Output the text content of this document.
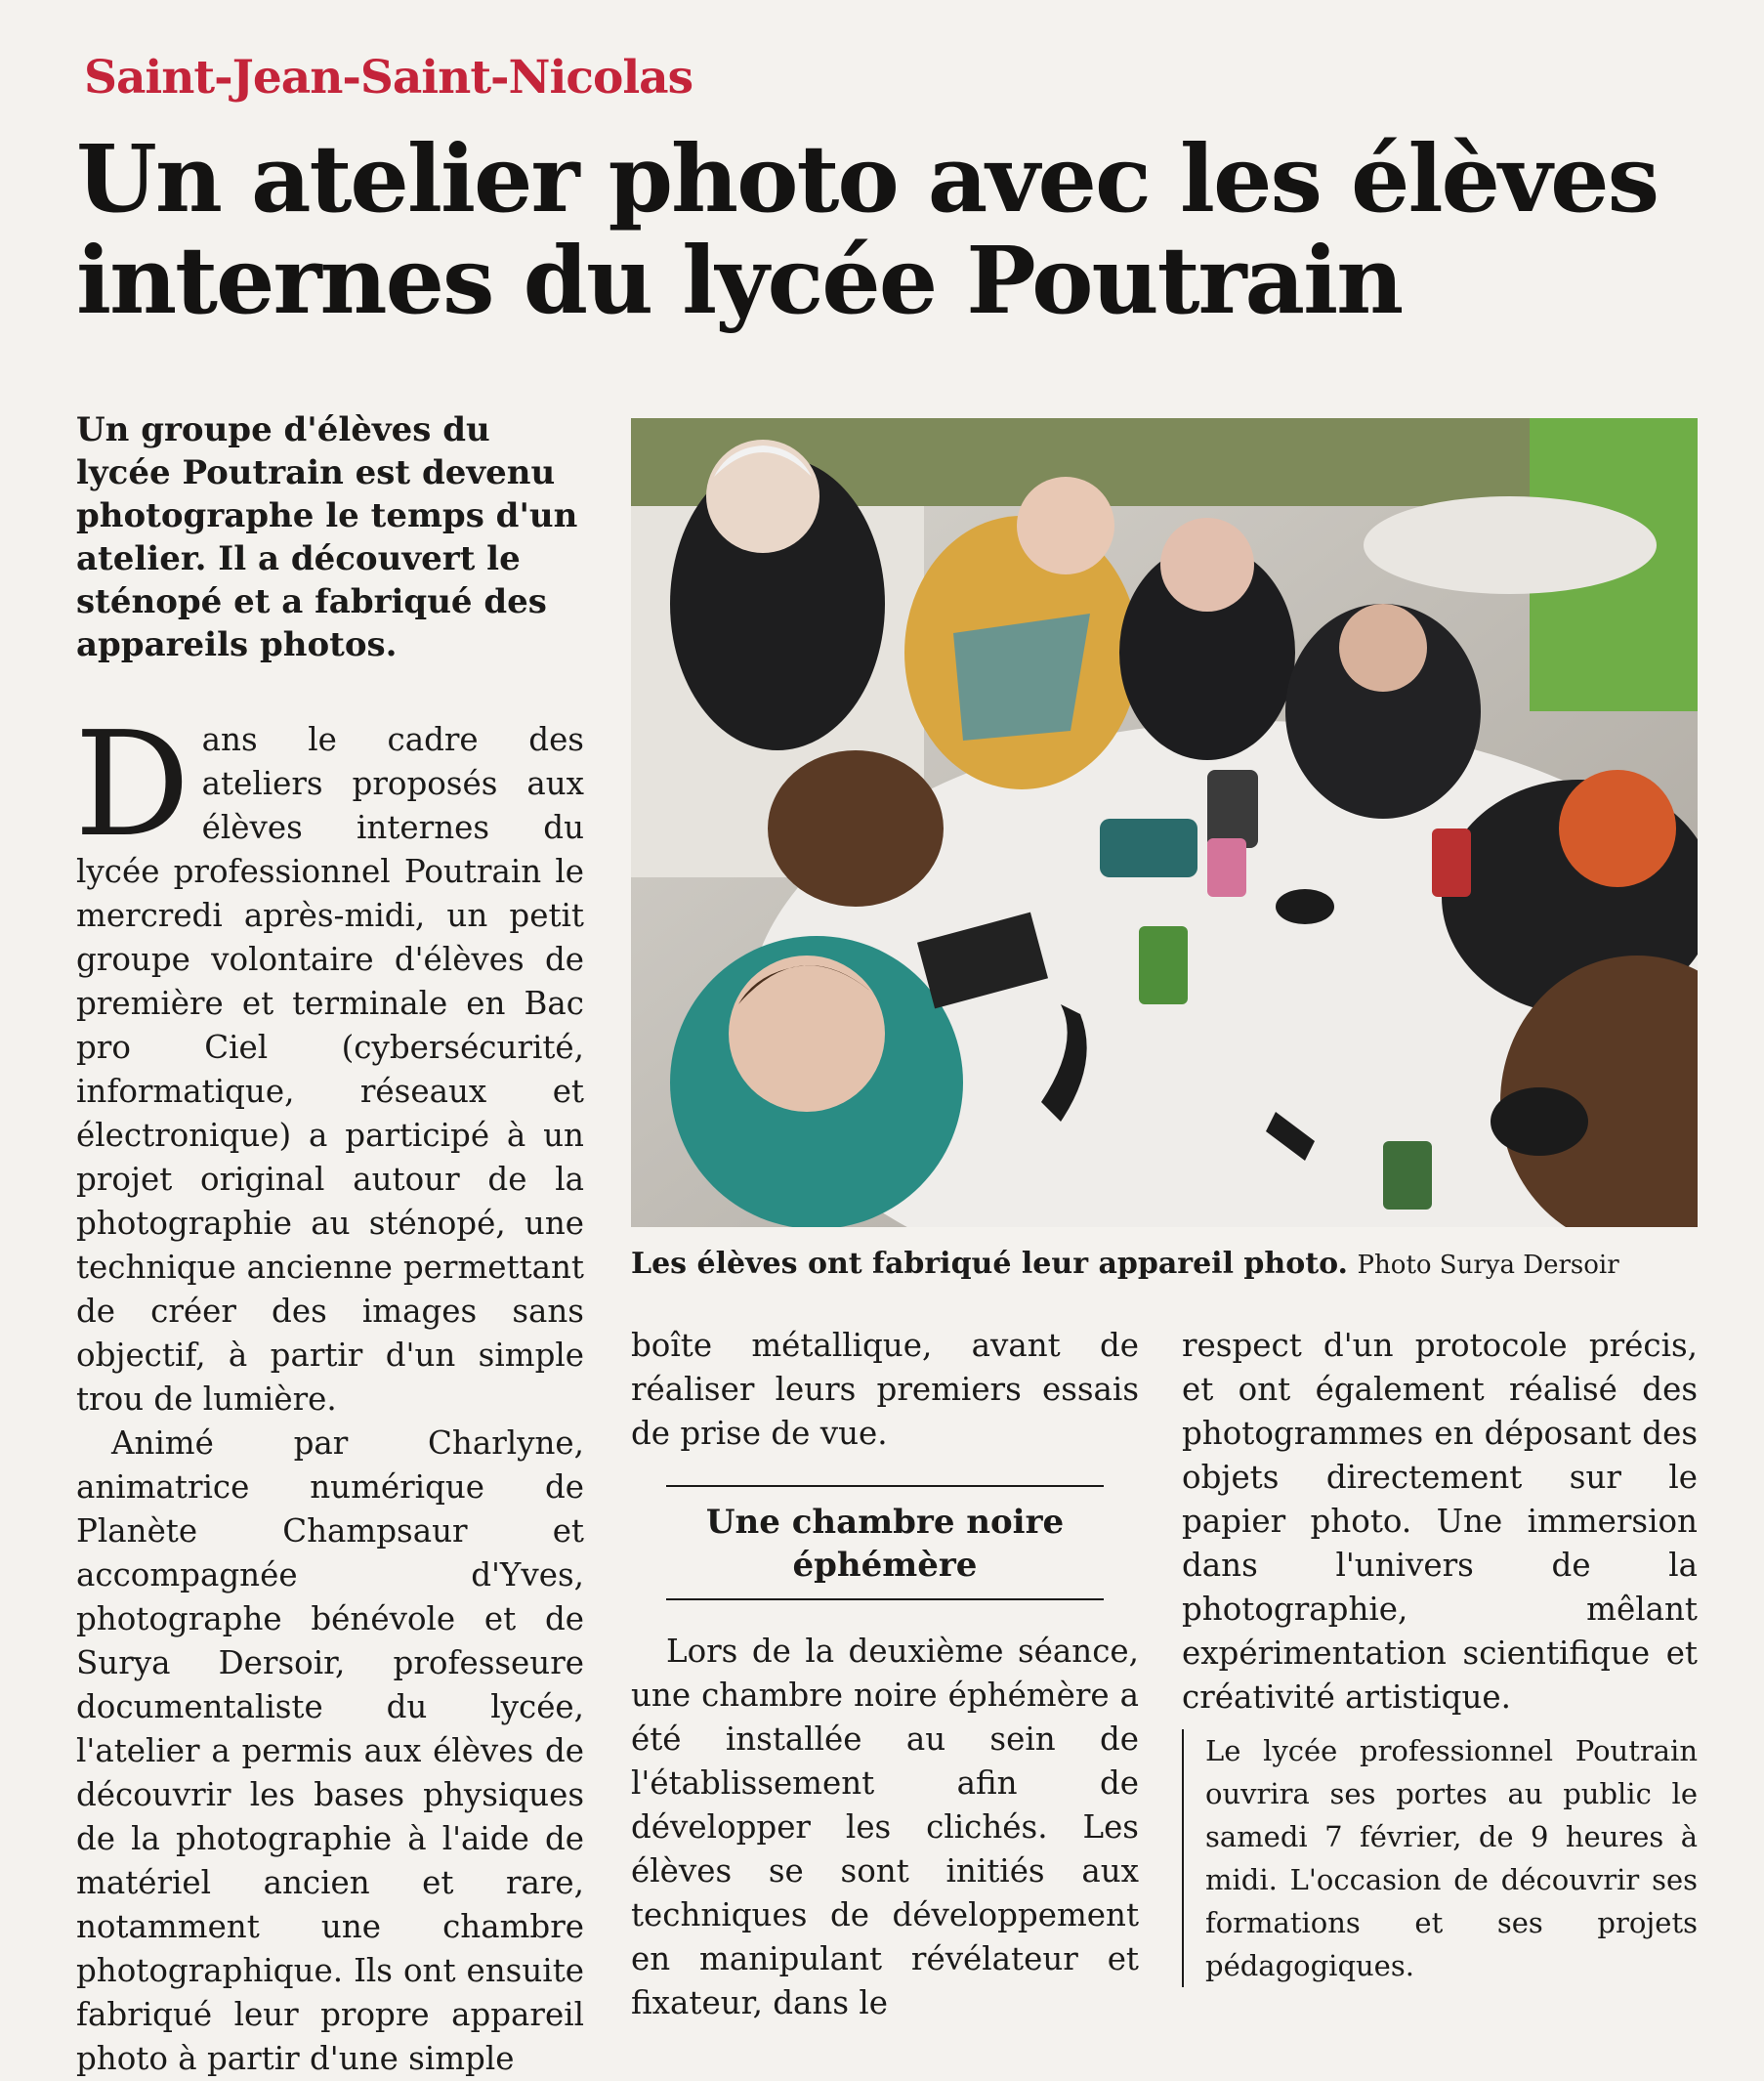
Saint-Jean-Saint-Nicolas
Un atelier photo avec les élèves internes du lycée Poutrain
Un groupe d'élèves du lycée Poutrain est devenu photographe le temps d'un atelier. Il a découvert le sténopé et a fabriqué des appareils photos.

D ans le cadre des ateliers proposés aux élèves internes du lycée professionnel Poutrain le mercredi après-midi, un petit groupe volontaire d'élèves de première et terminale en Bac pro Ciel (cybersécurité, informatique, réseaux et électronique) a participé à un projet original autour de la photographie au sténopé, une technique ancienne permettant de créer des images sans objectif, à partir d'un simple trou de lumière.

Animé par Charlyne, animatrice numérique de Planète Champsaur et accompagnée d'Yves, photographe bénévole et de Surya Dersoir, professeure documentaliste du lycée, l'atelier a permis aux élèves de découvrir les bases physiques de la photographie à l'aide de matériel ancien et rare, notamment une chambre photographique. Ils ont ensuite fabriqué leur propre appareil photo à partir d'une simple

Les élèves ont fabriqué leur appareil photo. Photo Surya Dersoir

boîte métallique, avant de réaliser leurs premiers essais de prise de vue.

Une chambre noire éphémère

Lors de la deuxième séance, une chambre noire éphémère a été installée au sein de l'établissement afin de développer les clichés. Les élèves se sont initiés aux techniques de développement en manipulant révélateur et fixateur, dans le

respect d'un protocole précis, et ont également réalisé des photogrammes en déposant des objets directement sur le papier photo. Une immersion dans l'univers de la photographie, mêlant expérimentation scientifique et créativité artistique.

Le lycée professionnel Poutrain ouvrira ses portes au public le samedi 7 février, de 9 heures à midi. L'occasion de découvrir ses formations et ses projets pédagogiques.
